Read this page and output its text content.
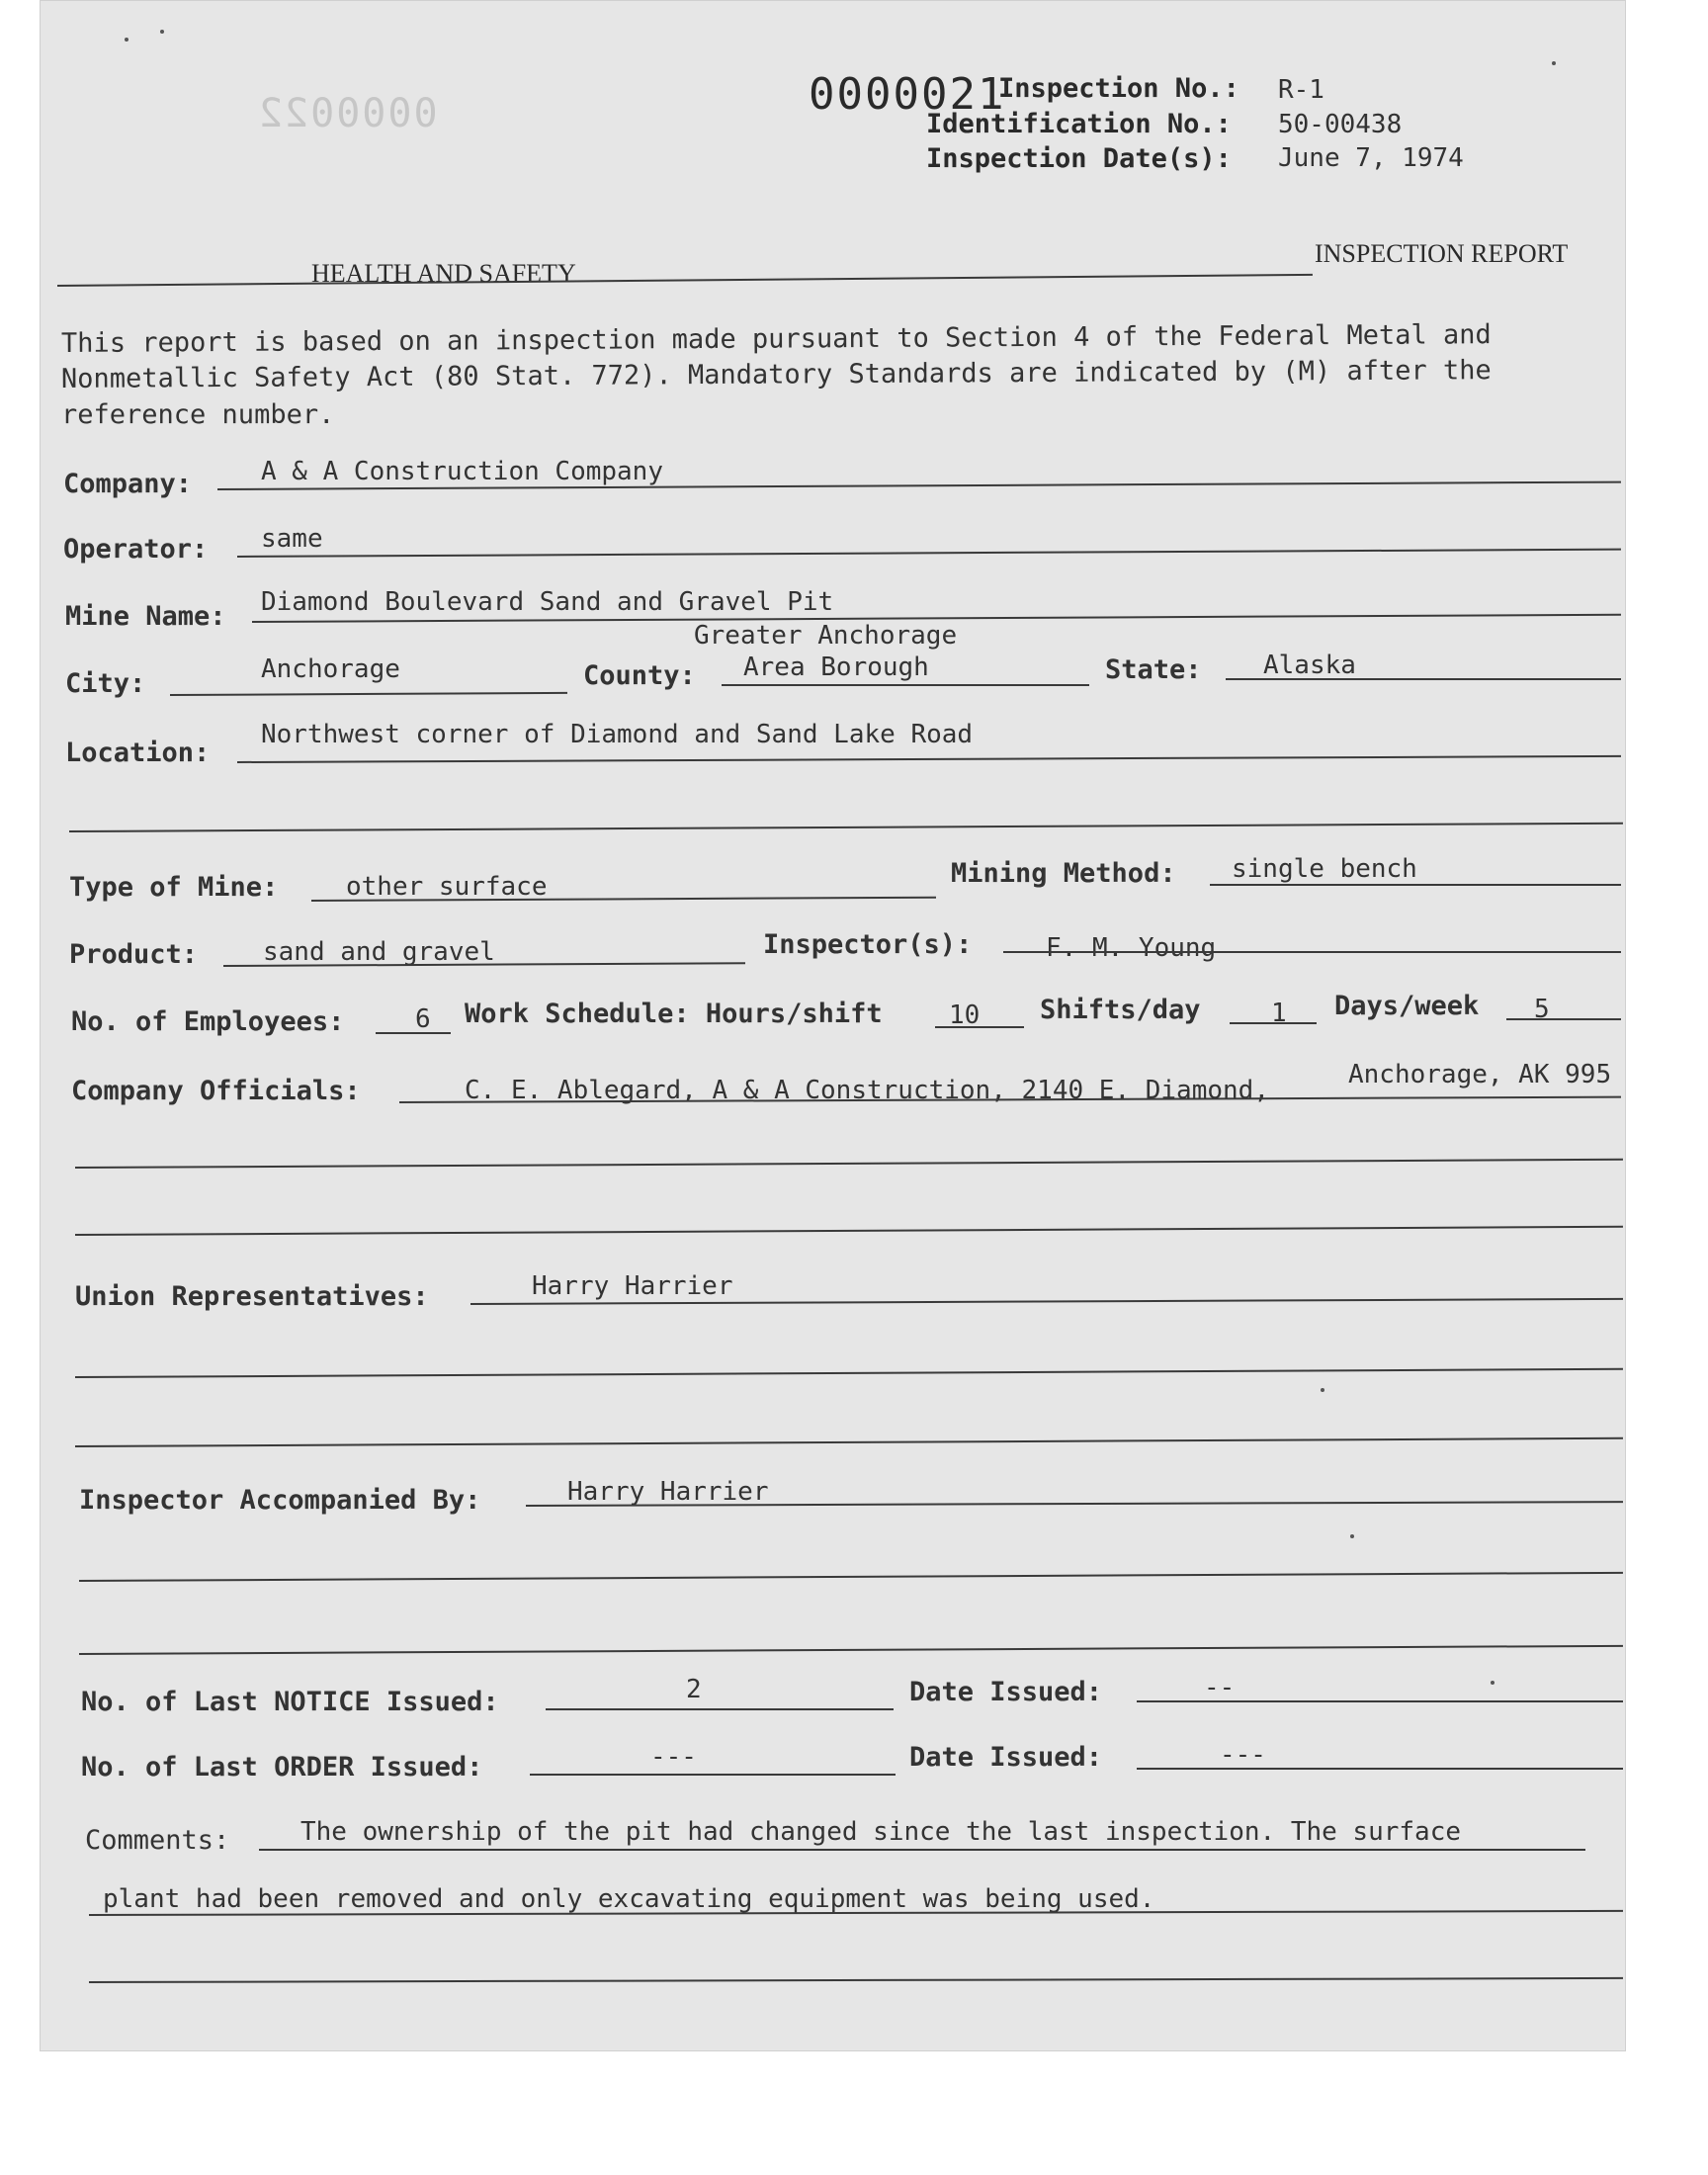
0000021
0000022
Inspection No.: R-1
Identification No.: 50-00438
Inspection Date(s): June 7, 1974
HEALTH AND SAFETY
INSPECTION REPORT
This report is based on an inspection made pursuant to Section 4 of the Federal Metal and
Nonmetallic Safety Act (80 Stat. 772). Mandatory Standards are indicated by (M) after the
reference number.
Company:	A & A Construction Company
Operator: same
Mine Name: Diamond Boulevard Sand and Gravel Pit
Greater Anchorage
City:	Anchorage	County: Area Borough	State: Alaska
Location:
Northwest corner of Diamond and Sand Lake Road
Type of Mine:	other surface	Mining Method: single bench
Product:	sand and gravel	Inspector(s):	F. M. Young
No. of Employees:	6 Work Schedule: Hours/shift	10 Shifts/day	1 Days/week 5
Company Officials:	C. E. Ablegard, A & A Construction, 2140 E. Diamond,
Anchorage, AK 995
Union Representatives:	Harry Harrier
Inspector Accompanied By:	Harry Harrier
No. of Last NOTICE Issued:	2	Date Issued:	--
No. of Last ORDER Issued:	---	Date Issued:	---
Comments:	The ownership of the pit had changed since the last inspection. The surface
plant had been removed and only excavating equipment was being used.
